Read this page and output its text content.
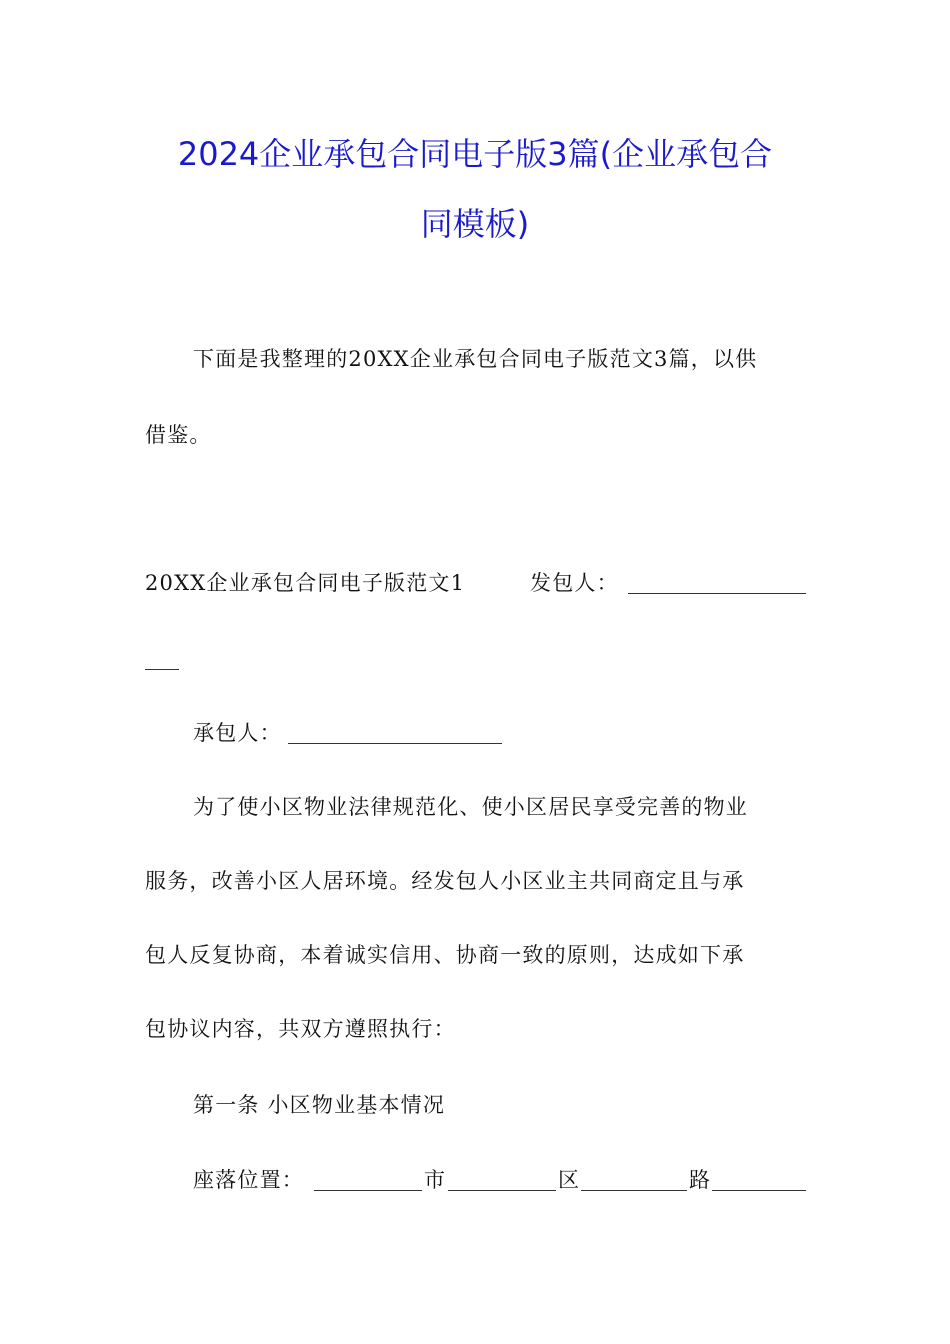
2024企业承包合同电子版3篇(企业承包合
同模板)
下面是我整理的20XX企业承包合同电子版范文3篇，以供
借鉴。
20XX企业承包合同电子版范文1	发包人：
承包人：
为了使小区物业法律规范化、使小区居民享受完善的物业
服务，改善小区人居环境。经发包人小区业主共同商定且与承
包人反复协商，本着诚实信用、协商一致的原则，达成如下承
包协议内容，共双方遵照执行：
第一条 小区物业基本情况
座落位置：	市	区	路
